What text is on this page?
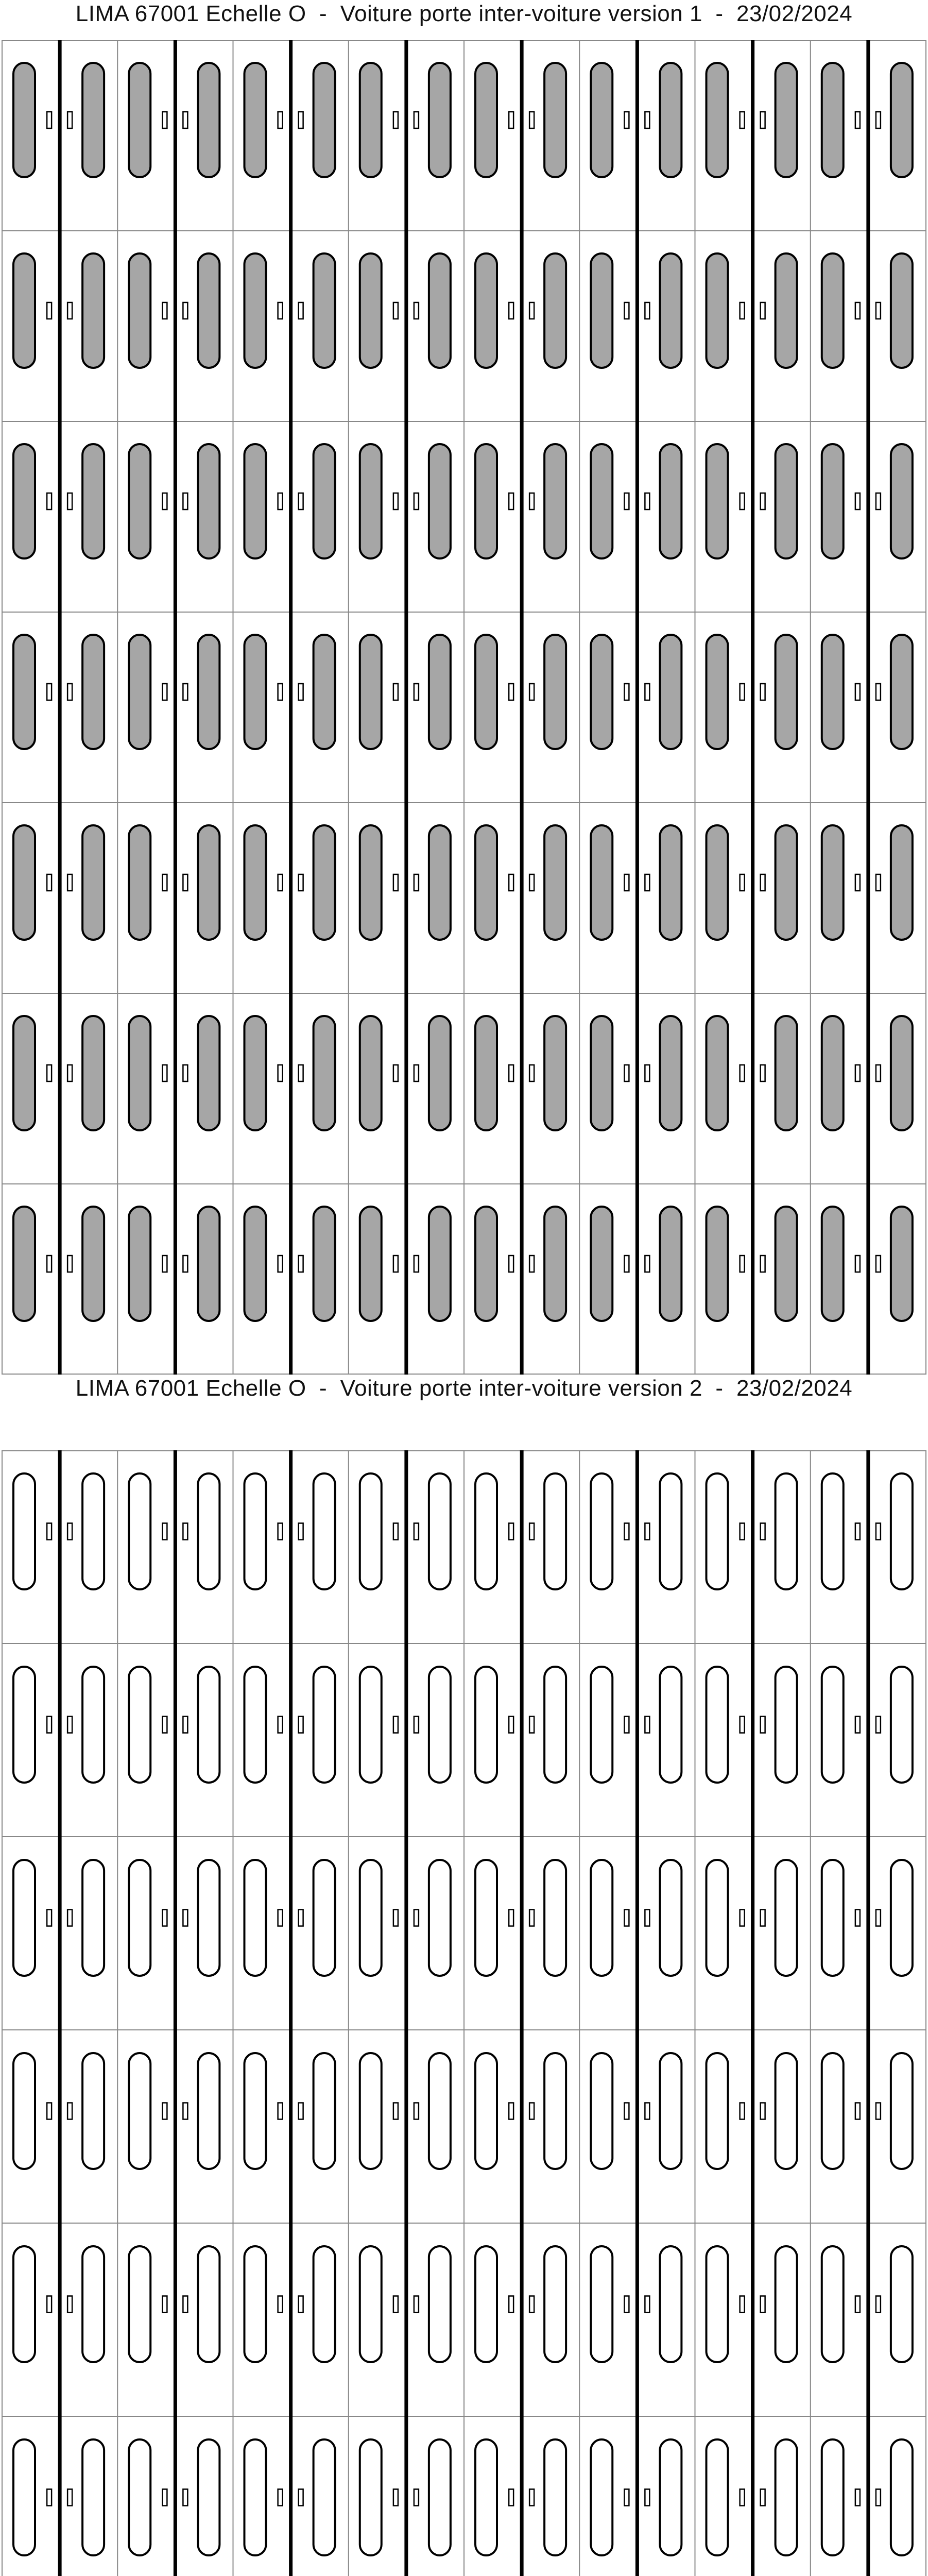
LIMA 67001 Echelle O  -  Voiture porte inter-voiture version 1  -  23/02/2024
LIMA 67001 Echelle O  -  Voiture porte inter-voiture version 2  -  23/02/2024
